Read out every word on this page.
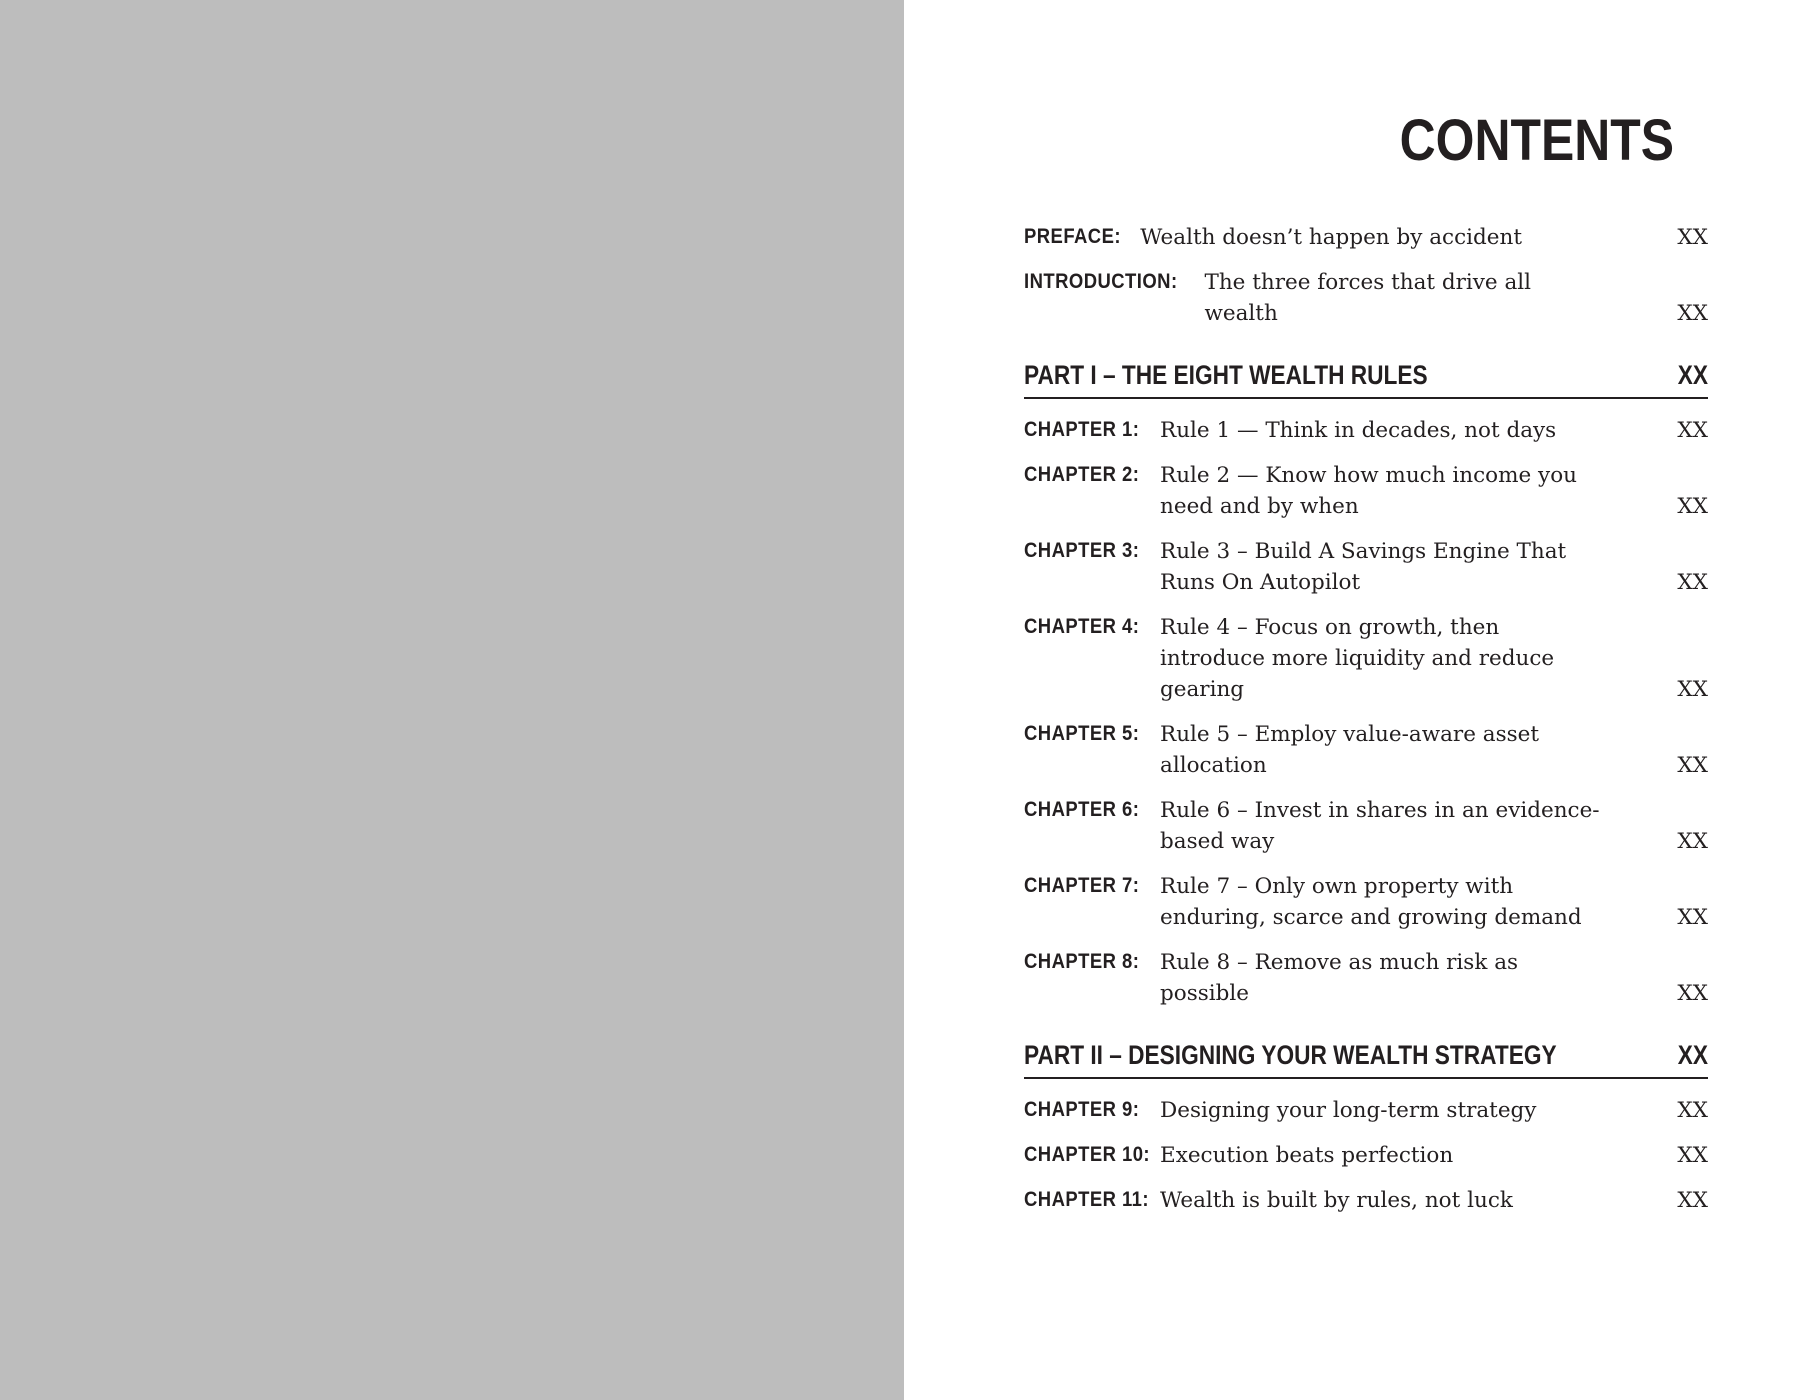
CONTENTS
PREFACE: Wealth doesn’t happen by accident	XX
INTRODUCTION: The three forces that drive all wealth	XX
PART I – THE EIGHT WEALTH RULES	XX
CHAPTER 1: Rule 1 — Think in decades, not days	XX
CHAPTER 2: Rule 2 — Know how much income you need and by when	XX
CHAPTER 3: Rule 3 – Build A Savings Engine That Runs On Autopilot	XX
CHAPTER 4: Rule 4 – Focus on growth, then introduce more liquidity and reduce gearing	XX
CHAPTER 5: Rule 5 – Employ value-aware asset allocation	XX
CHAPTER 6: Rule 6 – Invest in shares in an evidence-based way	XX
CHAPTER 7: Rule 7 – Only own property with enduring, scarce and growing demand	XX
CHAPTER 8: Rule 8 – Remove as much risk as possible	XX
PART II – DESIGNING YOUR WEALTH STRATEGY	XX
CHAPTER 9: Designing your long-term strategy	XX
CHAPTER 10: Execution beats perfection	XX
CHAPTER 11: Wealth is built by rules, not luck	XX
